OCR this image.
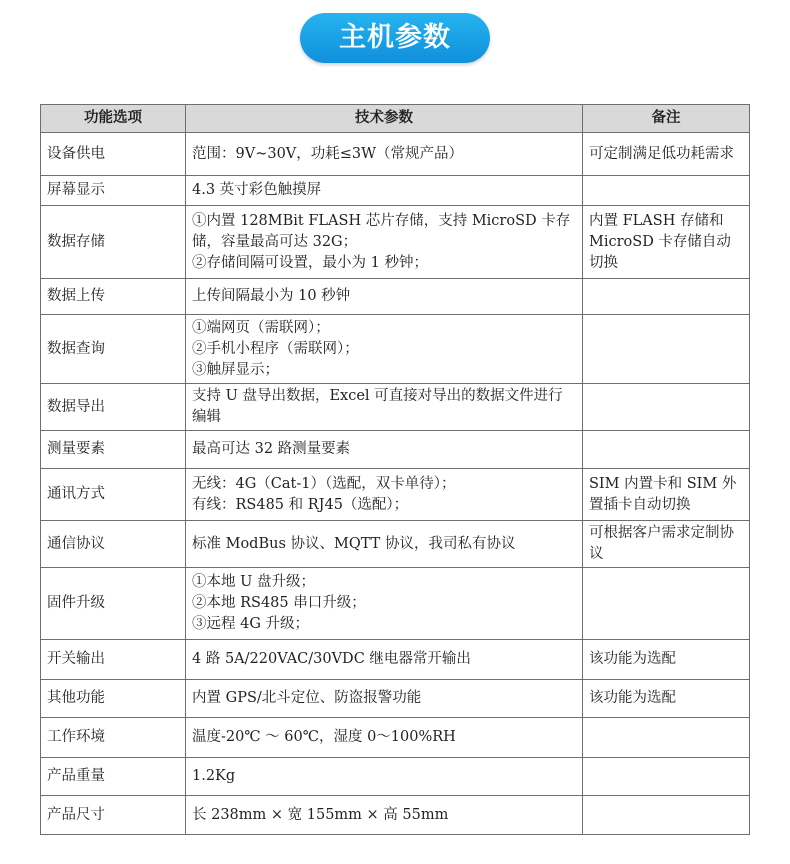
主机参数
功能选项	技术参数	备注
设备供电	范围：9V~30V，功耗≤3W（常规产品）	可定制满足低功耗需求
屏幕显示	4.3 英寸彩色触摸屏	

数据存储	①内置 128MBit FLASH 芯片存储，支持 MicroSD 卡存储，容量最高可达 32G；
②存储间隔可设置，最小为 1 秒钟；	内置 FLASH 存储和 MicroSD 卡存储自动切换
数据上传	上传间隔最小为 10 秒钟	

数据查询	①端网页（需联网）；
②手机小程序（需联网）；
③触屏显示；	

数据导出	支持 U 盘导出数据，Excel 可直接对导出的数据文件进行编辑	
测量要素	最高可达 32 路测量要素	

通讯方式	无线：4G（Cat-1）（选配，双卡单待）；
有线：RS485 和 RJ45（选配）；	SIM 内置卡和 SIM 外置插卡自动切换
通信协议	标准 ModBus 协议、MQTT 协议，我司私有协议	可根据客户需求定制协议
固件升级	①本地 U 盘升级；
②本地 RS485 串口升级；
③远程 4G 升级；	

开关输出	4 路 5A/220VAC/30VDC 继电器常开输出	该功能为选配
其他功能	内置 GPS/北斗定位、防盗报警功能	该功能为选配
工作环境	温度-20℃ ～ 60℃，湿度 0～100%RH	

产品重量	1.2Kg	

产品尺寸	长 238mm × 宽 155mm × 高 55mm	
